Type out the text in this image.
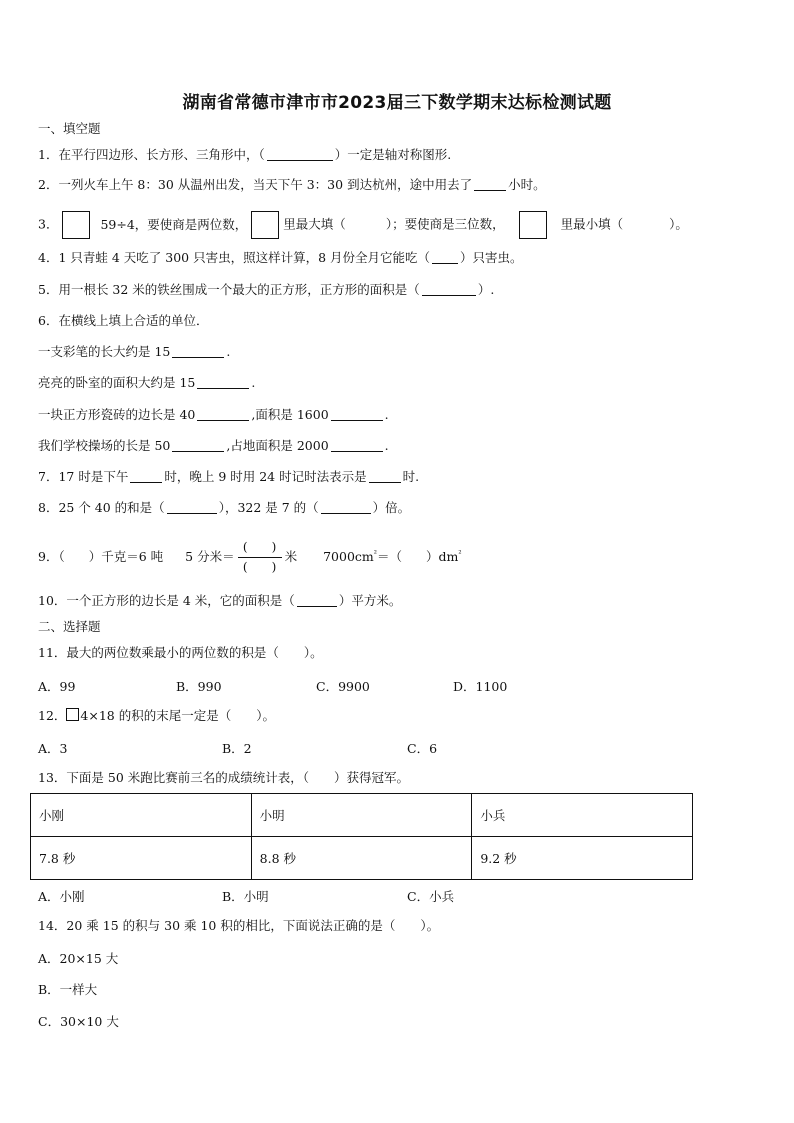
湖南省常德市津市市2023届三下数学期末达标检测试题
一、填空题
1．在平行四边形、长方形、三角形中，（	）一定是轴对称图形.
2．一列火车上午 8：30 从温州出发，当天下午 3：30 到达杭州，途中用去了	小时。
3．	59÷4，要使商是两位数，	里最大填（	）；要使商是三位数，	里最小填（	）。
4．1 只青蛙 4 天吃了 300 只害虫，照这样计算，8 月份全月它能吃（ ）只害虫。
5．用一根长 32 米的铁丝围成一个最大的正方形，正方形的面积是（	）.
6．在横线上填上合适的单位．
一支彩笔的长大约是 15	.
亮亮的卧室的面积大约是 15	.
一块正方形瓷砖的边长是 40	,面积是 1600	.
我们学校操场的长是 50	,占地面积是 2000	.
7．17 时是下午	时，晚上 9 时用 24 时记时法表示是	时.
8．25 个 40 的和是（	），322 是 7 的（	）倍。
9．（ ）千克＝6 吨 5 分米＝ $\frac{( )}{( )}$ 米 $7000cm^{^2}=$（ ）$dm^{^2}$
10．一个正方形的边长是 4 米，它的面积是（	）平方米。
二、选择题
11．最大的两位数乘最小的两位数的积是（　　）。
A．99	B．990	C．9900	D．1100
12． 4×18 的积的末尾一定是（　　）。
A．3	B．2	C．6
13．下面是 50 米跑比赛前三名的成绩统计表，（　　）获得冠军。
小刚	小明	小兵
7.8 秒	8.8 秒	9.2 秒
A．小刚	B．小明	C．小兵
14．20 乘 15 的积与 30 乘 10 积的相比，下面说法正确的是（　　）。
A．20×15 大
B．一样大
C．30×10 大
